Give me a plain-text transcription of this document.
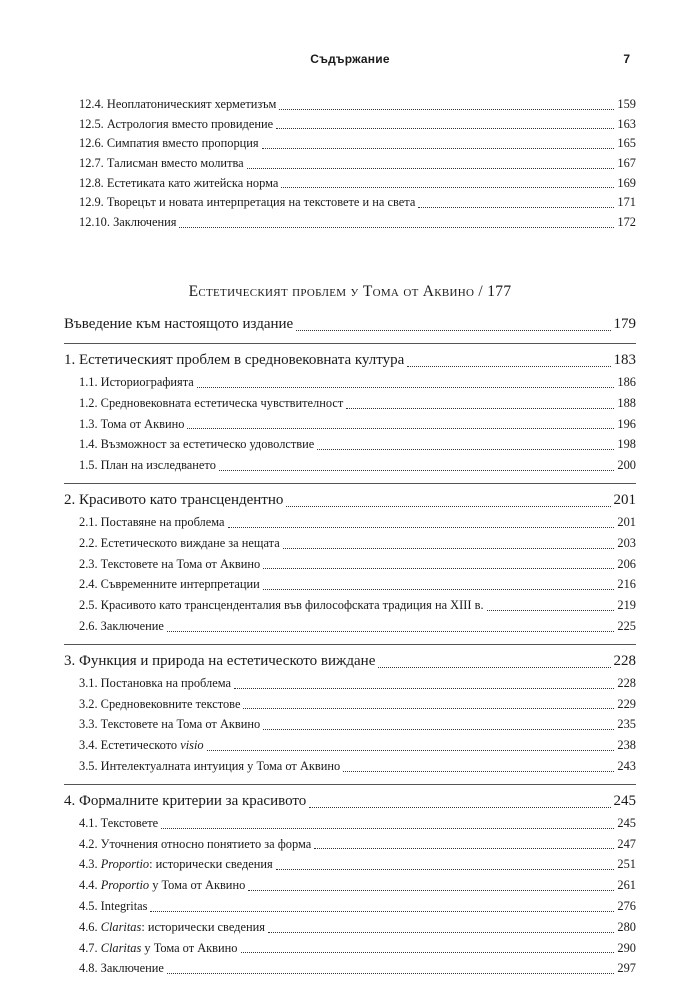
Съдържание	7
12.4. Неоплатоническият херметизъм	159
12.5. Астрология вместо провидение	163
12.6. Симпатия вместо пропорция	165
12.7. Талисман вместо молитва	167
12.8. Естетиката като житейска норма	169
12.9. Творецът и новата интерпретация на текстовете и на света	171
12.10. Заключения	172
Естетическият проблем у Тома от Аквино / 177
Въведение към настоящото издание	179
1. Естетическият проблем в средновековната култура	183
1.1. Историографията	186
1.2. Средновековната естетическа чувствителност	188
1.3. Тома от Аквино	196
1.4. Възможност за естетическо удоволствие	198
1.5. План на изследването	200
2. Красивото като трансцендентно	201
2.1. Поставяне на проблема	201
2.2. Естетическото виждане за нещата	203
2.3. Текстовете на Тома от Аквино	206
2.4. Съвременните интерпретации	216
2.5. Красивото като трансценденталия във философската традиция на XIII в.	219
2.6. Заключение	225
3. Функция и природа на естетическото виждане	228
3.1. Постановка на проблема	228
3.2. Средновековните текстове	229
3.3. Текстовете на Тома от Аквино	235
3.4. Естетическото visio	238
3.5. Интелектуалната интуиция у Тома от Аквино	243
4. Формалните критерии за красивото	245
4.1. Текстовете	245
4.2. Уточнения относно понятието за форма	247
4.3. Proportio: исторически сведения	251
4.4. Proportio у Тома от Аквино	261
4.5. Integritas	276
4.6. Claritas: исторически сведения	280
4.7. Claritas у Тома от Аквино	290
4.8. Заключение	297
